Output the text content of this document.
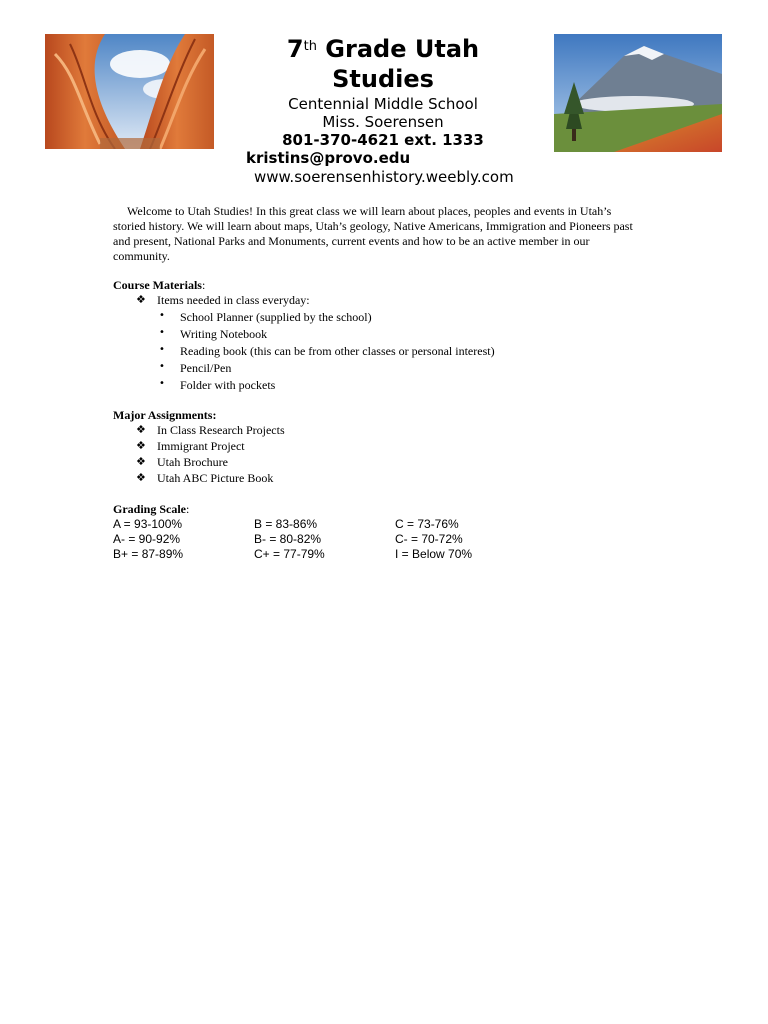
7th Grade Utah
Studies
Centennial Middle School
Miss. Soerensen
801-370-4621 ext. 1333
kristins@provo.edu
www.soerensenhistory.weebly.com

Welcome to Utah Studies! In this great class we will learn about places, peoples and events in Utah’s storied history. We will learn about maps, Utah’s geology, Native Americans, Immigration and Pioneers past and present, National Parks and Monuments, current events and how to be an active member in our community.

Course Materials:
❖ Items needed in class everyday:
• School Planner (supplied by the school)
• Writing Notebook
• Reading book (this can be from other classes or personal interest)
• Pencil/Pen
• Folder with pockets
Major Assignments:
❖ In Class Research Projects
❖ Immigrant Project
❖ Utah Brochure
❖ Utah ABC Picture Book
Grading Scale:
A = 93-100%	B = 83-86%	C = 73-76%
A- = 90-92%	B- = 80-82%	C- = 70-72%
B+ = 87-89%	C+ = 77-79%	I = Below 70%
